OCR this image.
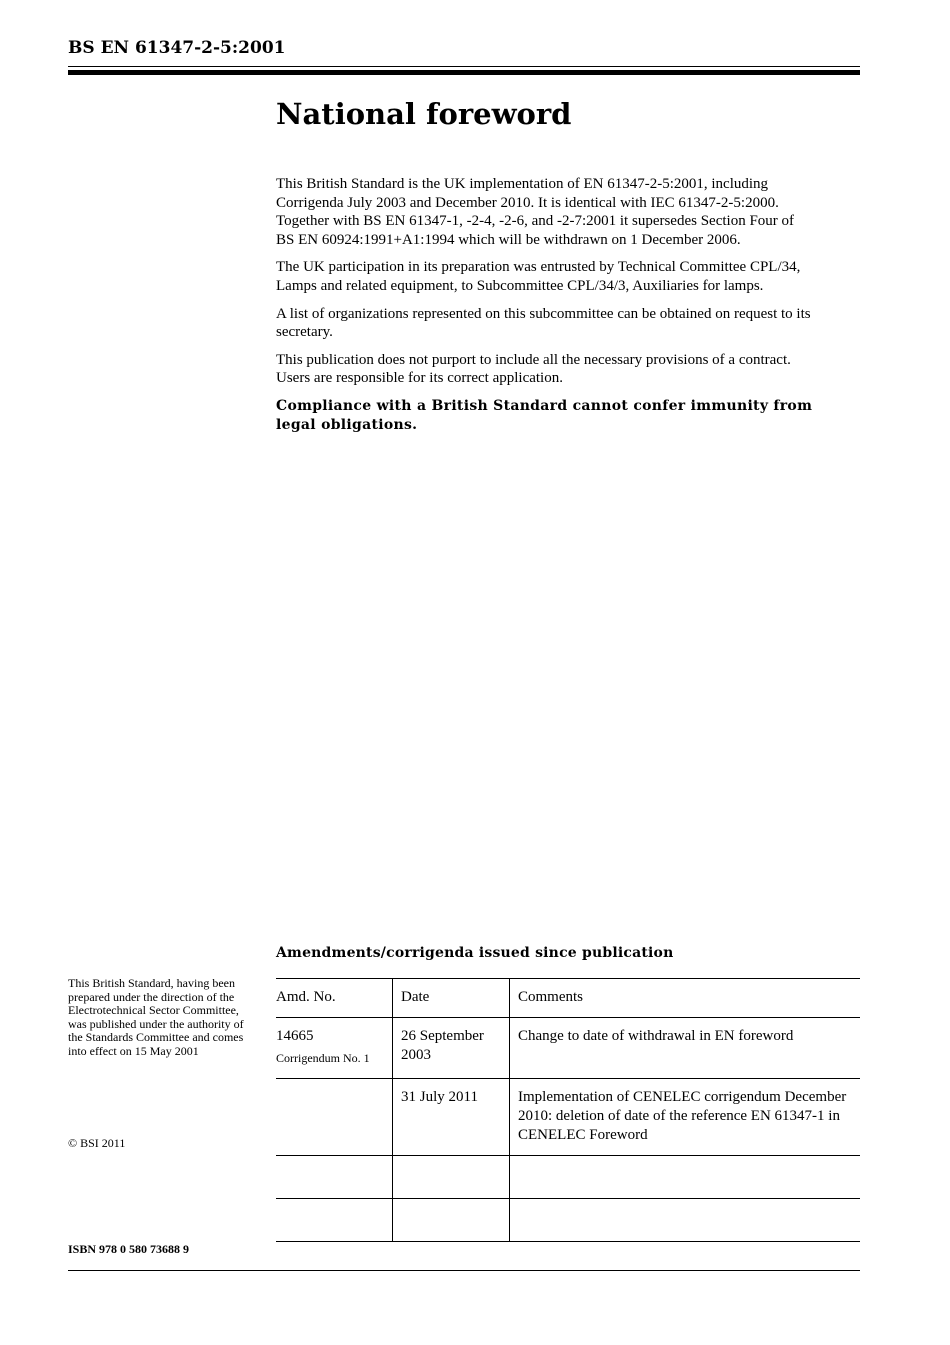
BS EN 61347-2-5:2001
National foreword

This British Standard is the UK implementation of EN 61347-2-5:2001, including Corrigenda July 2003 and December 2010. It is identical with IEC 61347-2-5:2000. Together with BS EN 61347-1, -2-4, -2-6, and -2-7:2001 it supersedes Section Four of BS EN 60924:1991+A1:1994 which will be withdrawn on 1 December 2006.

The UK participation in its preparation was entrusted by Technical Committee CPL/34, Lamps and related equipment, to Subcommittee CPL/34/3, Auxiliaries for lamps.

A list of organizations represented on this subcommittee can be obtained on request to its secretary.

This publication does not purport to include all the necessary provisions of a contract. Users are responsible for its correct application.

Compliance with a British Standard cannot confer immunity from legal obligations.

This British Standard, having been prepared under the direction of the Electrotechnical Sector Committee, was published under the authority of the Standards Committee and comes into effect on 15 May 2001
© BSI 2011
ISBN 978 0 580 73688 9
Amendments/corrigenda issued since publication
Amd. No.	Date	Comments
14665
Corrigendum No. 1	26 September 2003	Change to date of withdrawal in EN foreword
	31 July 2011	Implementation of CENELEC corrigendum December 2010: deletion of date of the reference EN 61347-1 in CENELEC Foreword
